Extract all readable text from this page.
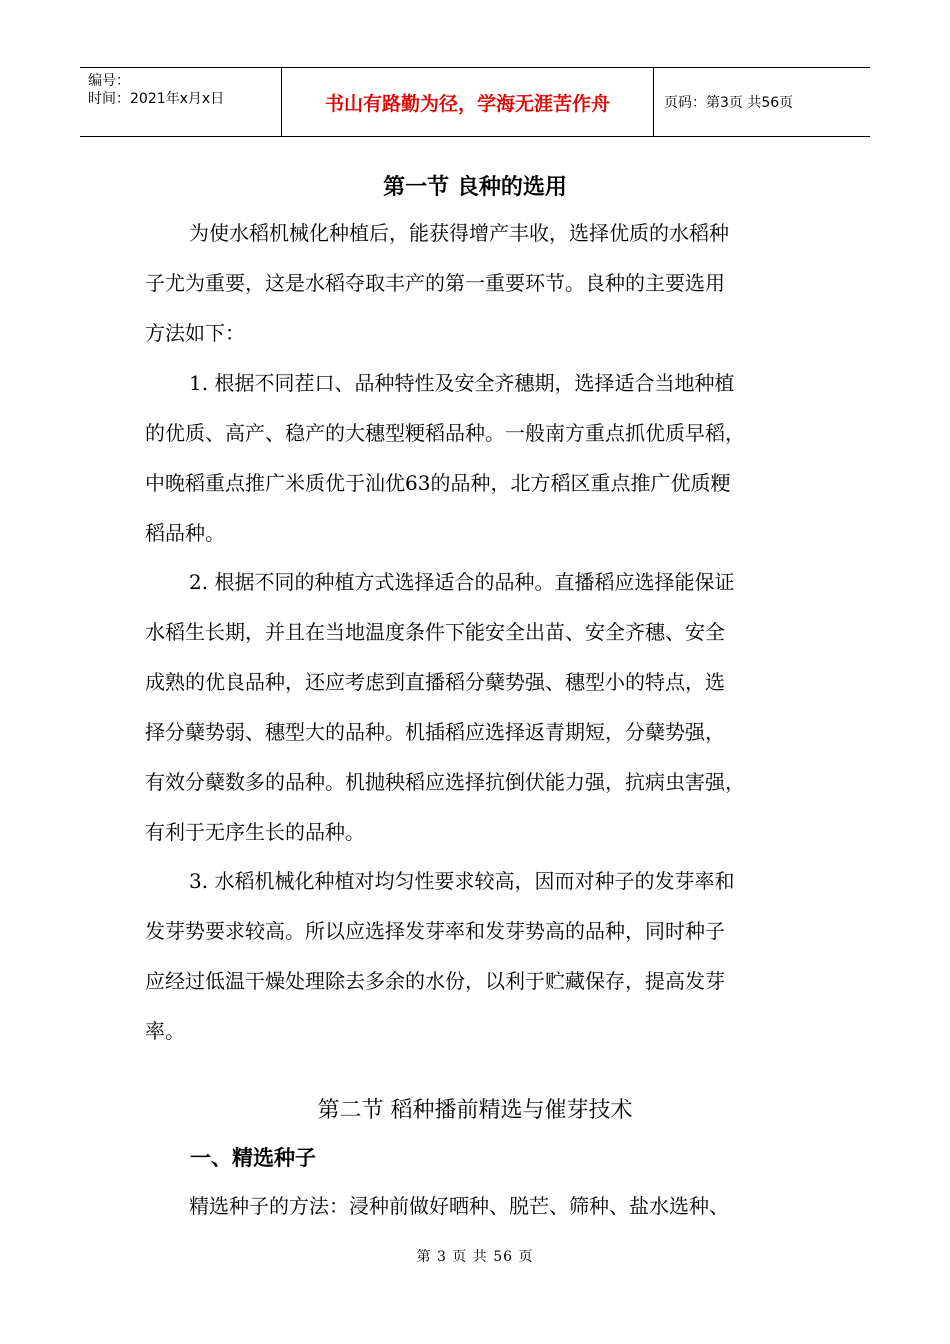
编号：
时间：2021年x月x日	书山有路勤为径，学海无涯苦作舟	页码：第3页 共56页
第一节 良种的选用

为使水稻机械化种植后，能获得增产丰收，选择优质的水稻种
子尤为重要，这是水稻夺取丰产的第一重要环节。良种的主要选用
方法如下：

1. 根据不同茬口、品种特性及安全齐穗期，选择适合当地种植
的优质、高产、稳产的大穗型粳稻品种。一般南方重点抓优质早稻，
中晚稻重点推广米质优于汕优63的品种，北方稻区重点推广优质粳
稻品种。

2. 根据不同的种植方式选择适合的品种。直播稻应选择能保证
水稻生长期，并且在当地温度条件下能安全出苗、安全齐穗、安全
成熟的优良品种，还应考虑到直播稻分蘖势强、穗型小的特点，选
择分蘖势弱、穗型大的品种。机插稻应选择返青期短，分蘖势强，
有效分蘖数多的品种。机抛秧稻应选择抗倒伏能力强，抗病虫害强，
有利于无序生长的品种。

3. 水稻机械化种植对均匀性要求较高，因而对种子的发芽率和
发芽势要求较高。所以应选择发芽率和发芽势高的品种，同时种子
应经过低温干燥处理除去多余的水份，以利于贮藏保存，提高发芽
率。

第二节 稻种播前精选与催芽技术
一、精选种子

精选种子的方法：浸种前做好晒种、脱芒、筛种、盐水选种、

第 3 页 共 56 页
